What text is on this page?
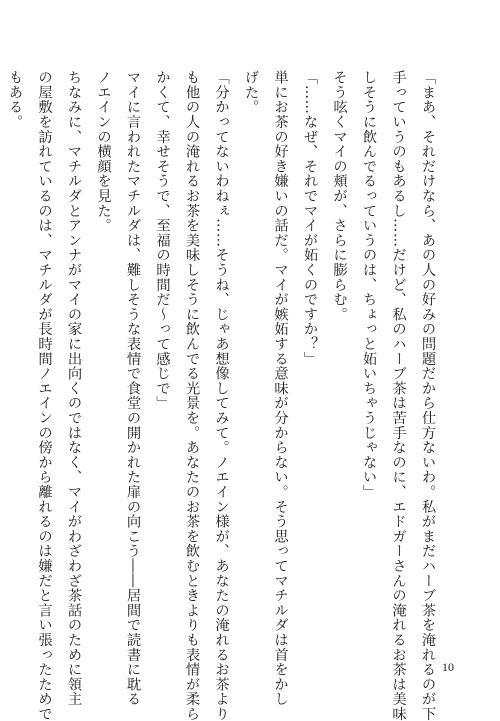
「まあ、それだけなら、あの人の好みの問題だから仕方ないわ。私がまだハーブ茶を淹れるのが下
手っていうのもあるし……だけど、私のハーブ茶は苦手なのに、エドガーさんの淹れるお茶は美味
しそうに飲んでるっていうのは、ちょっと妬いちゃうじゃない」
そう呟くマイの頬が、さらに膨らむ。
「……なぜ、それでマイが妬くのですか？」
単にお茶の好き嫌いの話だ。マイが嫉妬する意味が分からない。そう思ってマチルダは首をかし
げた。
「分かってないわねぇ……そうね、じゃあ想像してみて。ノエイン様が、あなたの淹れるお茶より
も他の人の淹れるお茶を美味しそうに飲んでる光景を。あなたのお茶を飲むときよりも表情が柔ら
かくて、幸せそうで、至福の時間だ〜って感じで」
マイに言われたマチルダは、難しそうな表情で食堂の開かれた扉の向こう――居間で読書に耽る
ノエインの横顔を見た。
ちなみに、マチルダとアンナがマイの家に出向くのではなく、マイがわざわざ茶話のために領主
の屋敷を訪れているのは、マチルダが長時間ノエインの傍から離れるのは嫌だと言い張ったためで
もある。
10
